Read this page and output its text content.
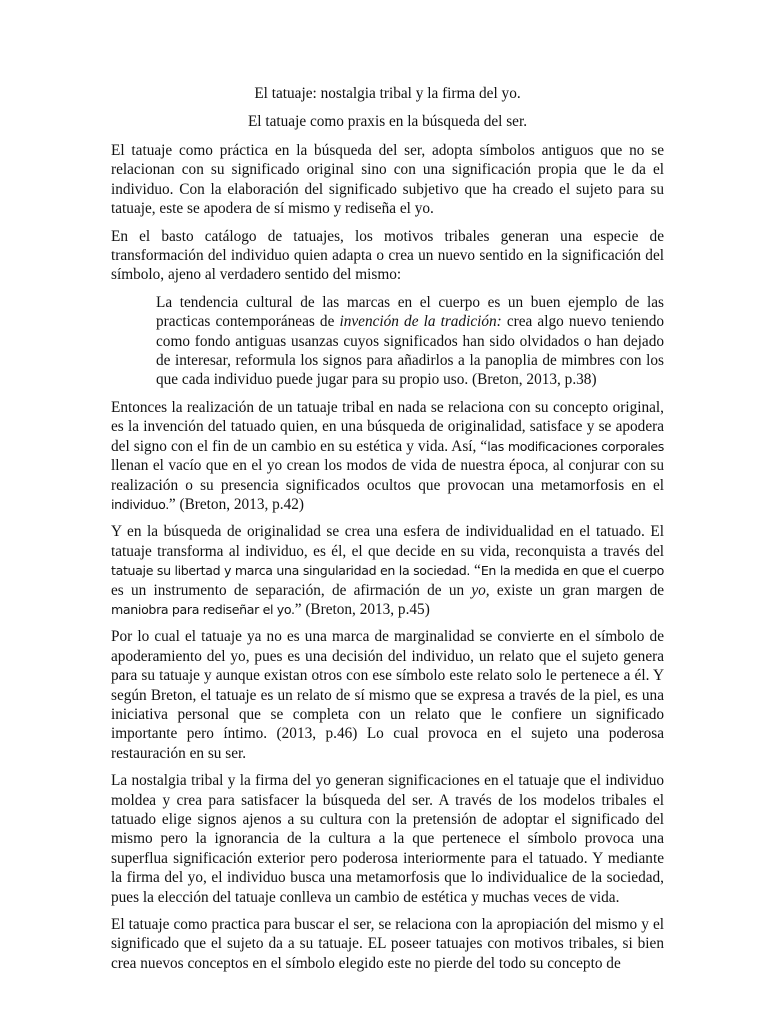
El tatuaje: nostalgia tribal y la firma del yo.
El tatuaje como praxis en la búsqueda del ser.

El tatuaje como práctica en la búsqueda del ser, adopta símbolos antiguos que no se relacionan con su significado original sino con una significación propia que le da el individuo. Con la elaboración del significado subjetivo que ha creado el sujeto para su tatuaje, este se apodera de sí mismo y rediseña el yo.

En el basto catálogo de tatuajes, los motivos tribales generan una especie de transformación del individuo quien adapta o crea un nuevo sentido en la significación del símbolo, ajeno al verdadero sentido del mismo:

La tendencia cultural de las marcas en el cuerpo es un buen ejemplo de las practicas contemporáneas de invención de la tradición: crea algo nuevo teniendo como fondo antiguas usanzas cuyos significados han sido olvidados o han dejado de interesar, reformula los signos para añadirlos a la panoplia de mimbres con los que cada individuo puede jugar para su propio uso. (Breton, 2013, p.38)

Entonces la realización de un tatuaje tribal en nada se relaciona con su concepto original, es la invención del tatuado quien, en una búsqueda de originalidad, satisface y se apodera del signo con el fin de un cambio en su estética y vida. Así, “las modificaciones corporales llenan el vacío que en el yo crean los modos de vida de nuestra época, al conjurar con su realización o su presencia significados ocultos que provocan una metamorfosis en el individuo.” (Breton, 2013, p.42)

Y en la búsqueda de originalidad se crea una esfera de individualidad en el tatuado. El tatuaje transforma al individuo, es él, el que decide en su vida, reconquista a través del tatuaje su libertad y marca una singularidad en la sociedad. “En la medida en que el cuerpo es un instrumento de separación, de afirmación de un yo, existe un gran margen de maniobra para rediseñar el yo.” (Breton, 2013, p.45)

Por lo cual el tatuaje ya no es una marca de marginalidad se convierte en el símbolo de apoderamiento del yo, pues es una decisión del individuo, un relato que el sujeto genera para su tatuaje y aunque existan otros con ese símbolo este relato solo le pertenece a él. Y según Breton, el tatuaje es un relato de sí mismo que se expresa a través de la piel, es una iniciativa personal que se completa con un relato que le confiere un significado importante pero íntimo. (2013, p.46) Lo cual provoca en el sujeto una poderosa restauración en su ser.

La nostalgia tribal y la firma del yo generan significaciones en el tatuaje que el individuo moldea y crea para satisfacer la búsqueda del ser. A través de los modelos tribales el tatuado elige signos ajenos a su cultura con la pretensión de adoptar el significado del mismo pero la ignorancia de la cultura a la que pertenece el símbolo provoca una superflua significación exterior pero poderosa interiormente para el tatuado. Y mediante la firma del yo, el individuo busca una metamorfosis que lo individualice de la sociedad, pues la elección del tatuaje conlleva un cambio de estética y muchas veces de vida.

El tatuaje como practica para buscar el ser, se relaciona con la apropiación del mismo y el significado que el sujeto da a su tatuaje. EL poseer tatuajes con motivos tribales, si bien crea nuevos conceptos en el símbolo elegido este no pierde del todo su concepto de
